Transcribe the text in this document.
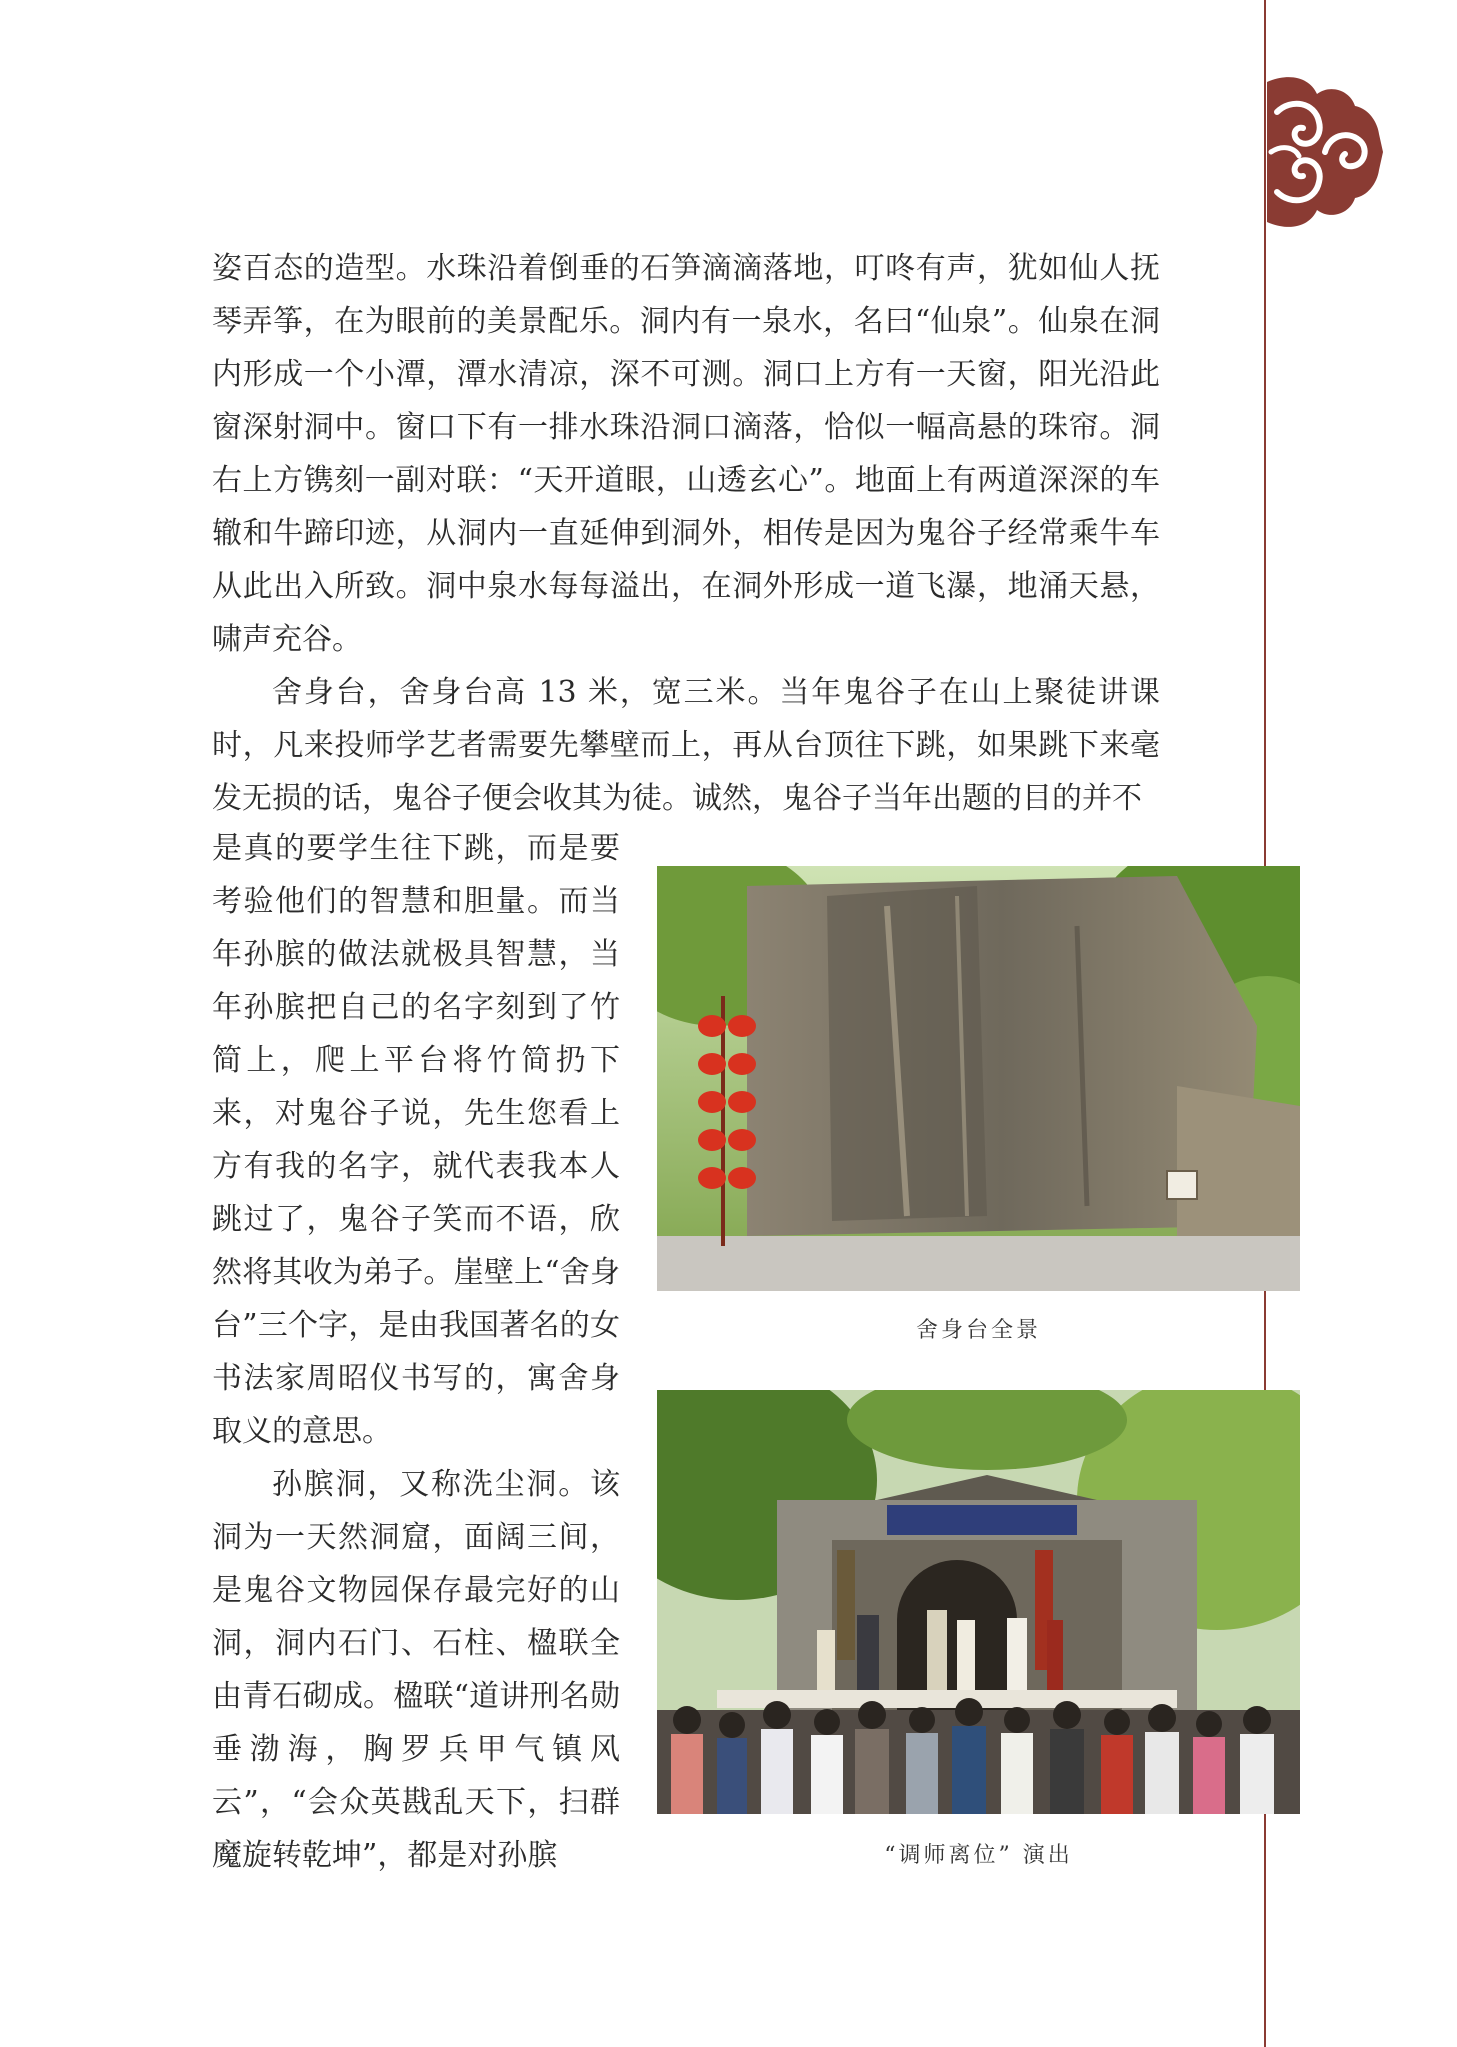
姿百态的造型。水珠沿着倒垂的石笋滴滴落地，叮咚有声，犹如仙人抚琴弄筝，在为眼前的美景配乐。洞内有一泉水，名曰“仙泉”。仙泉在洞内形成一个小潭，潭水清凉，深不可测。洞口上方有一天窗，阳光沿此窗深射洞中。窗口下有一排水珠沿洞口滴落，恰似一幅高悬的珠帘。洞右上方镌刻一副对联：“天开道眼，山透玄心”。地面上有两道深深的车辙和牛蹄印迹，从洞内一直延伸到洞外，相传是因为鬼谷子经常乘牛车从此出入所致。洞中泉水每每溢出，在洞外形成一道飞瀑，地涌天悬，啸声充谷。

舍身台，舍身台高 13 米，宽三米。当年鬼谷子在山上聚徒讲课时，凡来投师学艺者需要先攀壁而上，再从台顶往下跳，如果跳下来毫发无损的话，鬼谷子便会收其为徒。诚然，鬼谷子当年出题的目的并不

是真的要学生往下跳，而是要考验他们的智慧和胆量。而当年孙膑的做法就极具智慧，当年孙膑把自己的名字刻到了竹简上，爬上平台将竹简扔下来，对鬼谷子说，先生您看上方有我的名字，就代表我本人跳过了，鬼谷子笑而不语，欣然将其收为弟子。崖壁上“舍身台”三个字，是由我国著名的女书法家周昭仪书写的，寓舍身取义的意思。

孙膑洞，又称洗尘洞。该洞为一天然洞窟，面阔三间，是鬼谷文物园保存最完好的山洞，洞内石门、石柱、楹联全由青石砌成。楹联“道讲刑名勋垂渤海，胸罗兵甲气镇风云”，“会众英戡乱天下，扫群魔旋转乾坤”，都是对孙膑

舍身台全景
“调师离位” 演出
